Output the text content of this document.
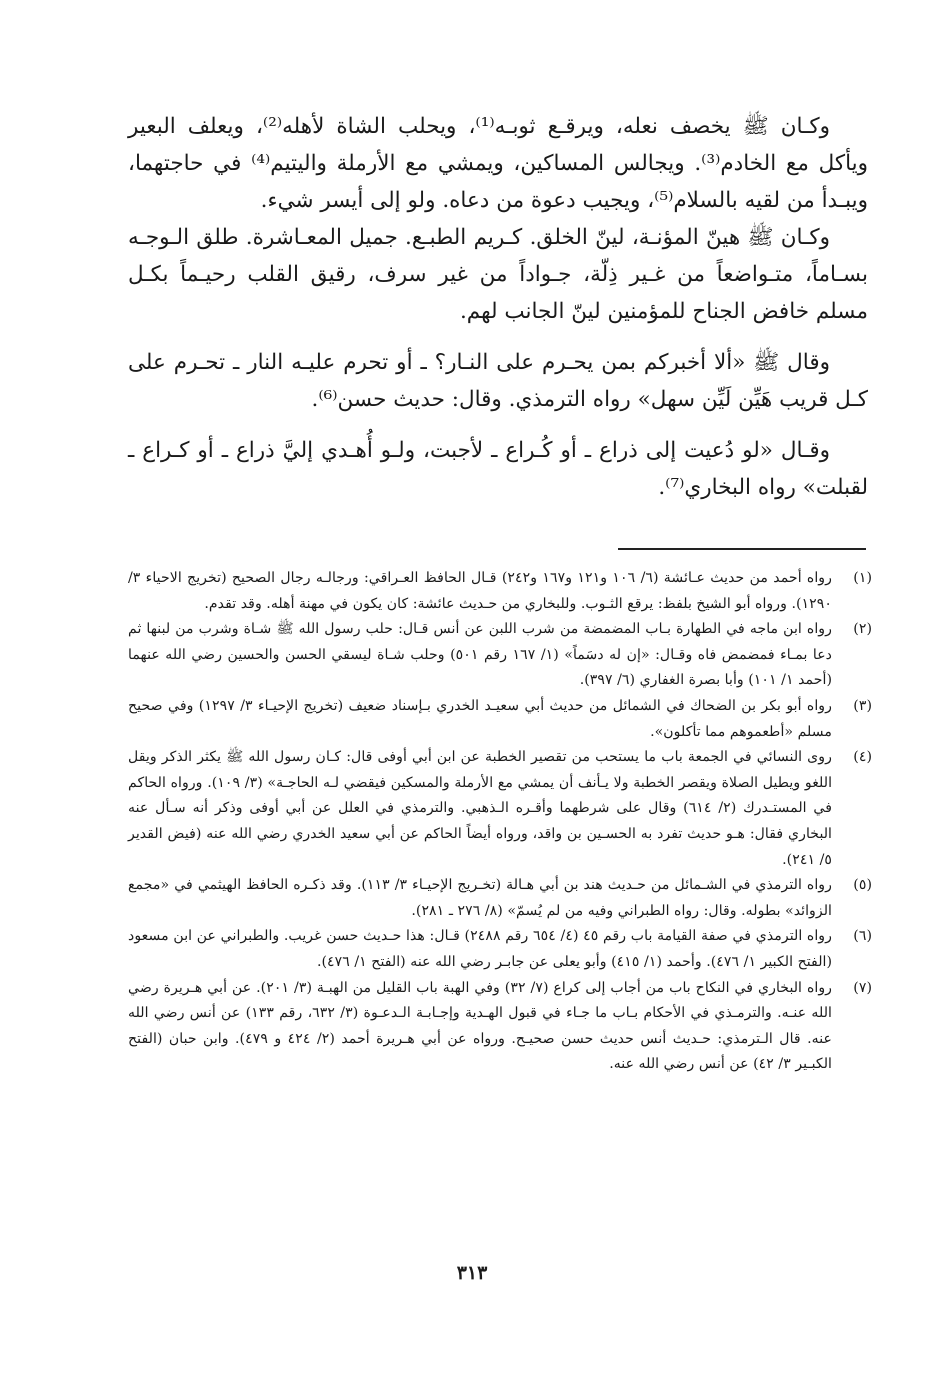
وكـان ﷺ يخصف نعله، ويرقـع ثوبـه⁽¹⁾، ويحلب الشاة لأهله⁽²⁾، ويعلف البعير ويأكل مع الخادم⁽³⁾. ويجالس المساكين، ويمشي مع الأرملة واليتيم⁽⁴⁾ في حاجتهما، ويبـدأ من لقيه بالسلام⁽⁵⁾، ويجيب دعوة من دعاه. ولو إلى أيسر شيء.

وكـان ﷺ هينّ المؤنـة، لينّ الخلق. كـريم الطبـع. جميل المعـاشرة. طلق الـوجـه بسـاماً، متـواضعاً من غـير ذِلّة، جـواداً من غير سرف، رقيق القلب رحيـماً بكـل مسلم خافض الجناح للمؤمنين لينّ الجانب لهم.

وقال ﷺ «ألا أخبركم بمن يحـرم على النـار؟ ـ أو تحرم عليـه النار ـ تحـرم على كـل قريب هَيِّن لَيِّن سهل» رواه الترمذي. وقال: حديث حسن⁽⁶⁾.

وقـال «لو دُعيت إلى ذراع ـ أو كُـراع ـ لأجبت، ولـو أُهـدي إليَّ ذراع ـ أو كـراع ـ لقبلت» رواه البخاري⁽⁷⁾.

(١)
رواه أحمد من حديث عـائشة (٦/ ١٠٦ و١٢١ و١٦٧ و٢٤٢) قـال الحافظ العـراقي: ورجالـه رجال الصحيح (تخريج الاحياء ٣/ ١٢٩٠). ورواه أبو الشيخ بلفظ: يرقع الثـوب. وللبخاري من حـديث عائشة: كان يكون في مهنة أهله. وقد تقدم.
(٢)
رواه ابن ماجه في الطهارة بـاب المضمضة من شرب اللبن عن أنس قـال: حلب رسول الله ﷺ شـاة وشرب من لبنها ثم دعا بمـاء فمضمض فاه وقـال: «إن له دسَماً» (١/ ١٦٧ رقم ٥٠١) وحلب شـاة ليسقي الحسن والحسين رضي الله عنهما (أحمد ١/ ١٠١) وأبا بصرة الغفاري (٦/ ٣٩٧).
(٣)
رواه أبو بكر بن الضحاك في الشمائل من حديث أبي سعيـد الخدري بـإسناد ضعيف (تخريج الإحيـاء ٣/ ١٢٩٧) وفي صحيح مسلم «أطعموهم مما تأكلون».
(٤)
روى النسائي في الجمعة باب ما يستحب من تقصير الخطبة عن ابن أبي أوفى قال: كـان رسول الله ﷺ يكثر الذكر ويقل اللغو ويطيل الصلاة ويقصر الخطبة ولا يـأنف أن يمشي مع الأرملة والمسكين فيقضي لـه الحاجـة» (٣/ ١٠٩). ورواه الحاكم في المستـدرك (٢/ ٦١٤) وقال على شرطهما وأقـره الـذهبي. والترمذي في العلل عن أبي أوفى وذكر أنه سـأل عنه البخاري فقال: هـو حديث تفرد به الحسـين بن واقد، ورواه أيضاً الحاكم عن أبي سعيد الخدري رضي الله عنه (فيض القدير ٥/ ٢٤١).
(٥)
رواه الترمذي في الشـمائل من حـديث هند بن أبي هـالة (تخـريج الإحيـاء ٣/ ١١٣). وقد ذكـره الحافظ الهيثمي في «مجمع الزوائد» بطوله. وقال: رواه الطبراني وفيه من لم يُسمّ» (٨/ ٢٧٦ ـ ٢٨١).
(٦)
رواه الترمذي في صفة القيامة باب رقم ٤٥ (٤/ ٦٥٤ رقم ٢٤٨٨) قـال: هذا حـديث حسن غريب. والطبراني عن ابن مسعود (الفتح الكبير ١/ ٤٧٦). وأحمد (١/ ٤١٥) وأبو يعلى عن جابـر رضي الله عنه (الفتح ١/ ٤٧٦).
(٧)
رواه البخاري في النكاح باب من أجاب إلى كراع (٧/ ٣٢) وفي الهبة باب القليل من الهبـة (٣/ ٢٠١). عن أبي هـريرة رضي الله عنـه. والترمـذي في الأحكام بـاب ما جـاء في قبول الهـدية وإجـابـة الـدعـوة (٣/ ٦٣٢، رقم ١٣٣) عن أنس رضي الله عنه. قال الـترمذي: حـديث أنس حديث حسن صحيـح. ورواه عن أبي هـريرة أحمد (٢/ ٤٢٤ و ٤٧٩). وابن حبان (الفتح الكبـير ٣/ ٤٢) عن أنس رضي الله عنه.
٣١٣
